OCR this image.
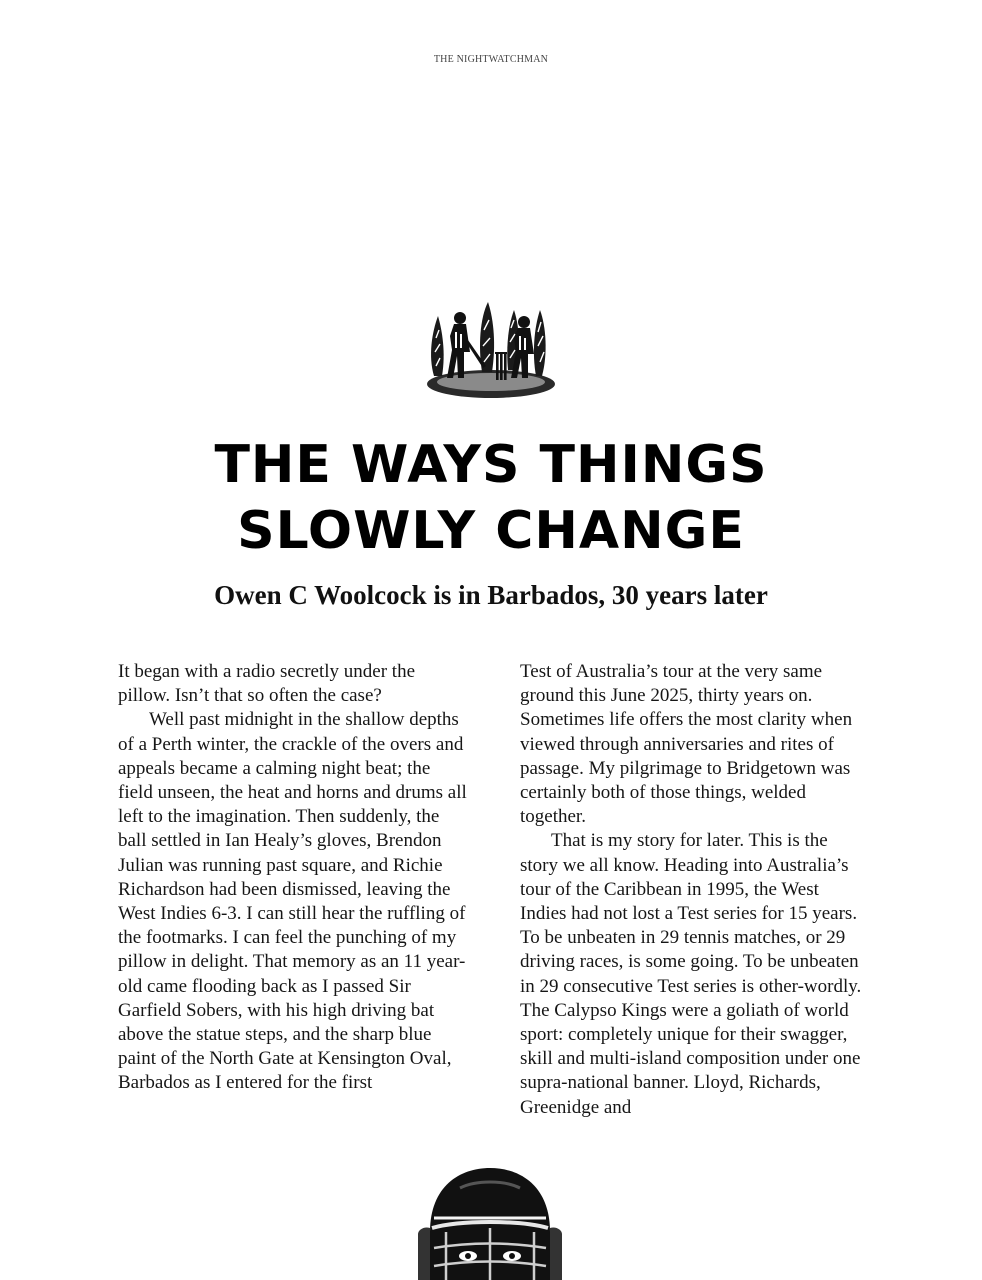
THE NIGHTWATCHMAN
THE WAYS THINGS
SLOWLY CHANGE
Owen C Woolcock is in Barbados, 30 years later

It began with a radio secretly under the pillow. Isn’t that so often the case?

Well past midnight in the shallow depths of a Perth winter, the crackle of the overs and appeals became a calming night beat; the field unseen, the heat and horns and drums all left to the imagination. Then suddenly, the ball settled in Ian Healy’s gloves, Brendon Julian was running past square, and Richie Richardson had been dismissed, leaving the West Indies 6-3. I can still hear the ruffling of the footmarks. I can feel the punching of my pillow in delight. That memory as an 11 year-old came flooding back as I passed Sir Garfield Sobers, with his high driving bat above the statue steps, and the sharp blue paint of the North Gate at Kensington Oval, Barbados as I entered for the first

Test of Australia’s tour at the very same ground this June 2025, thirty years on. Sometimes life offers the most clarity when viewed through anniversaries and rites of passage. My pilgrimage to Bridgetown was certainly both of those things, welded together.

That is my story for later. This is the story we all know. Heading into Australia’s tour of the Caribbean in 1995, the West Indies had not lost a Test series for 15 years. To be unbeaten in 29 tennis matches, or 29 driving races, is some going. To be unbeaten in 29 consecutive Test series is other-wordly. The Calypso Kings were a goliath of world sport: completely unique for their swagger, skill and multi-island composition under one supra-national banner. Lloyd, Richards, Greenidge and
